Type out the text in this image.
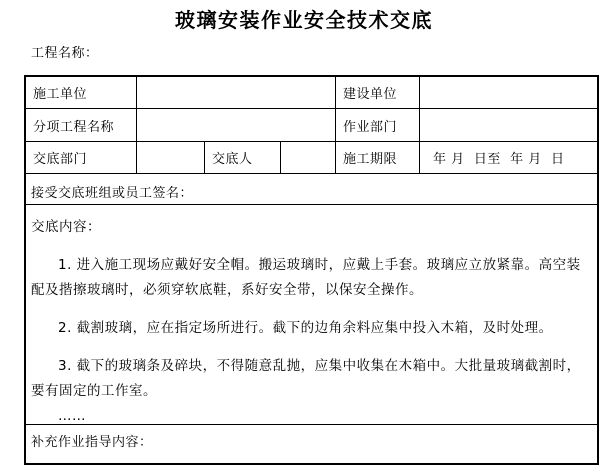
玻璃安装作业安全技术交底
工程名称：
施工单位	建设单位
分项工程名称	作业部门
交底部门	交底人	施工期限	年 月  日至  年 月  日
接受交底班组或员工签名：
交底内容：

1. 进入施工现场应戴好安全帽。搬运玻璃时，应戴上手套。玻璃应立放紧靠。高空装配及揩擦玻璃时，必须穿软底鞋，系好安全带，以保安全操作。

2. 截割玻璃，应在指定场所进行。截下的边角余料应集中投入木箱，及时处理。

3. 截下的玻璃条及碎块，不得随意乱抛，应集中收集在木箱中。大批量玻璃截割时，要有固定的工作室。

……

补充作业指导内容：
